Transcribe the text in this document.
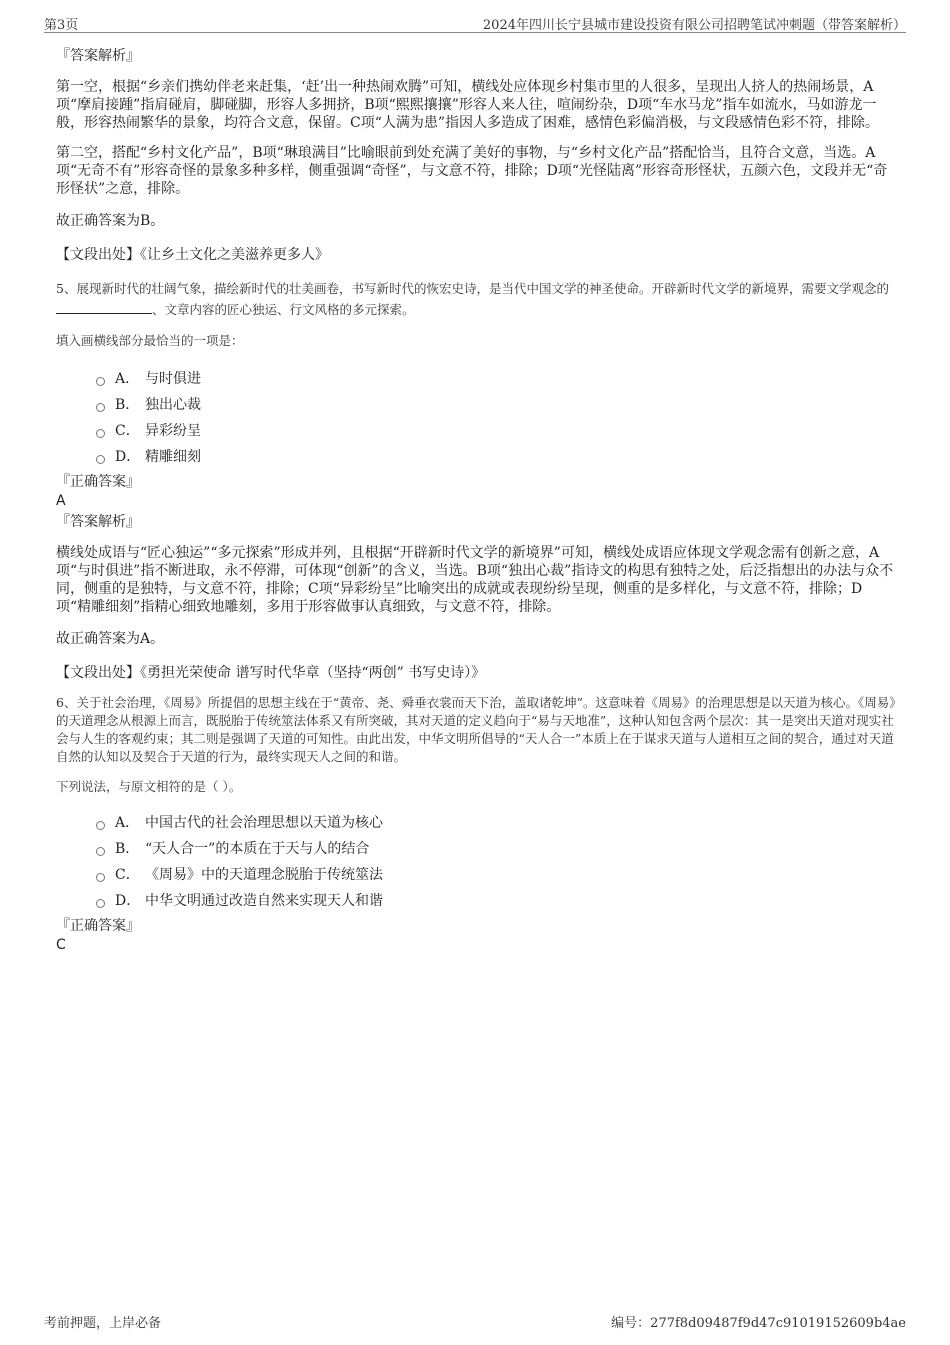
第3页	2024年四川长宁县城市建设投资有限公司招聘笔试冲刺题（带答案解析）

『答案解析』

第一空，根据“乡亲们携幼伴老来赶集，‘赶’出一种热闹欢腾”可知，横线处应体现乡村集市里的人很多，呈现出人挤人的热闹场景，A项“摩肩接踵”指肩碰肩，脚碰脚，形容人多拥挤，B项“熙熙攘攘”形容人来人往，喧闹纷杂，D项“车水马龙”指车如流水，马如游龙一般，形容热闹繁华的景象，均符合文意，保留。C项“人满为患”指因人多造成了困难，感情色彩偏消极，与文段感情色彩不符，排除。

第二空，搭配“乡村文化产品”，B项“琳琅满目”比喻眼前到处充满了美好的事物，与“乡村文化产品”搭配恰当，且符合文意，当选。A项“无奇不有”形容奇怪的景象多种多样，侧重强调“奇怪”，与文意不符，排除；D项“光怪陆离”形容奇形怪状，五颜六色，文段并无“奇形怪状”之意，排除。

故正确答案为B。

【文段出处】《让乡土文化之美滋养更多人》

5、展现新时代的壮阔气象，描绘新时代的壮美画卷，书写新时代的恢宏史诗，是当代中国文学的神圣使命。开辟新时代文学的新境界，需要文学观念的、文章内容的匠心独运、行文风格的多元探索。

填入画横线部分最恰当的一项是：

A． 与时俱进
B． 独出心裁
C． 异彩纷呈
D． 精雕细刻

『正确答案』

A

『答案解析』

横线处成语与“匠心独运”“多元探索”形成并列，且根据“开辟新时代文学的新境界”可知，横线处成语应体现文学观念需有创新之意，A项“与时俱进”指不断进取，永不停滞，可体现“创新”的含义，当选。B项“独出心裁”指诗文的构思有独特之处，后泛指想出的办法与众不同，侧重的是独特，与文意不符，排除；C项“异彩纷呈”比喻突出的成就或表现纷纷呈现，侧重的是多样化，与文意不符，排除；D项“精雕细刻”指精心细致地雕刻，多用于形容做事认真细致，与文意不符，排除。

故正确答案为A。

【文段出处】《勇担光荣使命 谱写时代华章（坚持“两创” 书写史诗）》

6、关于社会治理，《周易》所提倡的思想主线在于“黄帝、尧、舜垂衣裳而天下治，盖取诸乾坤”。这意味着《周易》的治理思想是以天道为核心。《周易》的天道理念从根源上而言，既脱胎于传统筮法体系又有所突破，其对天道的定义趋向于“易与天地准”，这种认知包含两个层次：其一是突出天道对现实社会与人生的客观约束；其二则是强调了天道的可知性。由此出发，中华文明所倡导的“天人合一”本质上在于谋求天道与人道相互之间的契合，通过对天道自然的认知以及契合于天道的行为，最终实现天人之间的和谐。

下列说法，与原文相符的是（ ）。

A． 中国古代的社会治理思想以天道为核心
B． “天人合一”的本质在于天与人的结合
C． 《周易》中的天道理念脱胎于传统筮法
D． 中华文明通过改造自然来实现天人和谐

『正确答案』

C

考前押题，上岸必备	编号：277f8d09487f9d47c91019152609b4ae
